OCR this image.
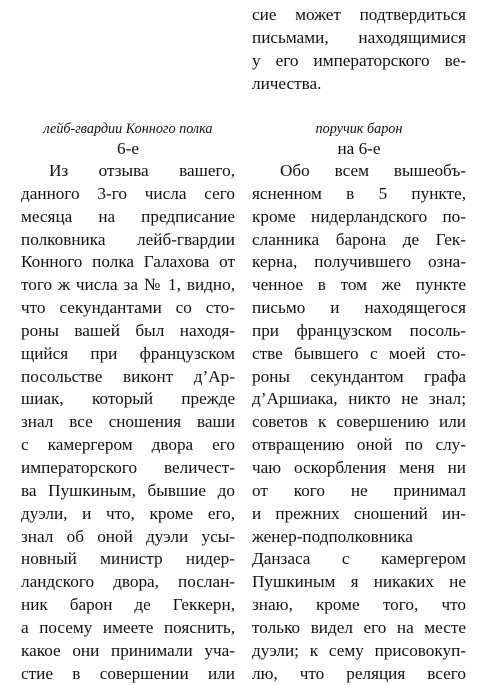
сие может подтвердиться
письмами, находящимися
у его императорского ве-
личества.
лейб-гвардии Конного полка
6-е
поручик барон
на 6-е
Из отзыва вашего,
данного 3-го числа сего
месяца на предписание
полковника лейб-гвардии
Конного полка Галахова от
того ж числа за № 1, видно,
что секундантами со сто-
роны вашей был находя-
щийся при французском
посольстве виконт д’Ар-
шиак, который прежде
знал все сношения ваши
с камергером двора его
императорского величест-
ва Пушкиным, бывшие до
дуэли, и что, кроме его,
знал об оной дуэли усы-
новный министр нидер-
ландского двора, послан-
ник барон де Геккерн,
а посему имеете пояснить,
какое они принимали уча-
стие в совершении или
Обо всем вышеобъ-
ясненном в 5 пункте,
кроме нидерландского по-
сланника барона де Гек-
керна, получившего озна-
ченное в том же пункте
письмо и находящегося
при французском посоль-
стве бывшего с моей сто-
роны секундантом графа
д’Аршиака, никто не знал;
советов к совершению или
отвращению оной по слу-
чаю оскорбления меня ни
от кого не принимал
и прежних сношений ин-
женер-подполковника
Данзаса с камергером
Пушкиным я никаких не
знаю, кроме того, что
только видел его на месте
дуэли; к сему присовокуп-
лю, что реляция всего
